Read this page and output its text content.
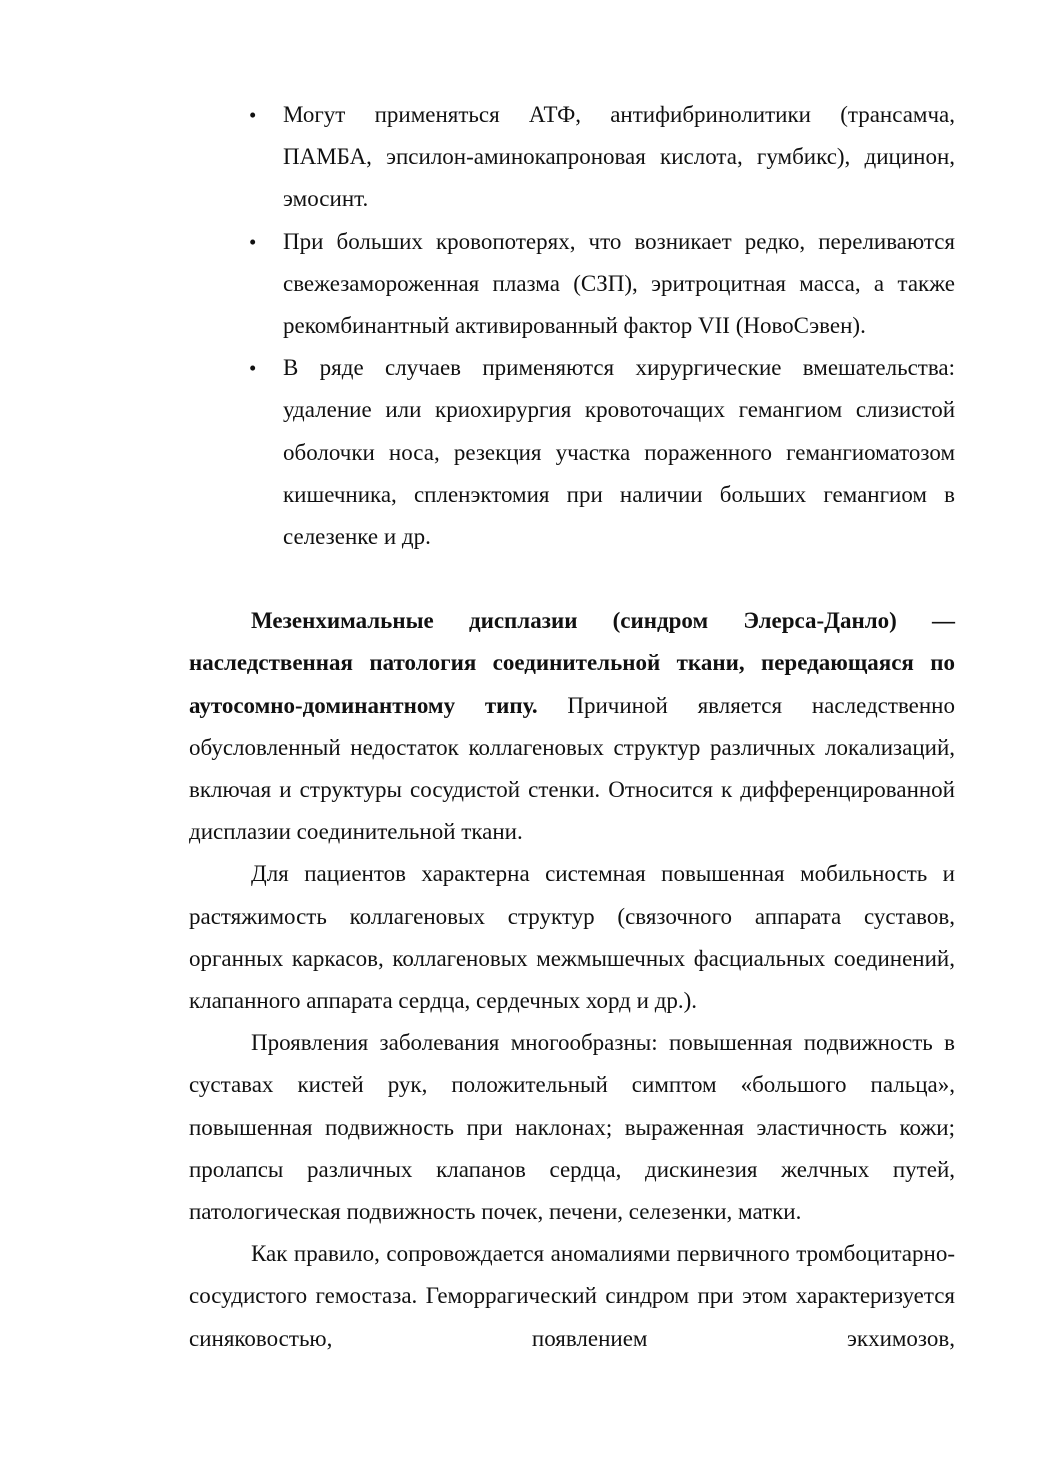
• Могут применяться АТФ, антифибринолитики (трансамча, ПАМБА, эпсилон-аминокапроновая кислота, гумбикс), дицинон, эмосинт.
• При больших кровопотерях, что возникает редко, переливаются свежезамороженная плазма (СЗП), эритроцитная масса, а также рекомбинантный активированный фактор VII (НовоСэвен).
• В ряде случаев применяются хирургические вмешательства: удаление или криохирургия кровоточащих гемангиом слизистой оболочки носа, резекция участка пораженного гемангиоматозом кишечника, спленэктомия при наличии больших гемангиом в селезенке и др.

Мезенхимальные дисплазии (синдром Элерса-Данло) — наследственная патология соединительной ткани, передающаяся по аутосомно-доминантному типу. Причиной является наследственно обусловленный недостаток коллагеновых структур различных локализаций, включая и структуры сосудистой стенки. Относится к дифференцированной дисплазии соединительной ткани.

Для пациентов характерна системная повышенная мобильность и растяжимость коллагеновых структур (связочного аппарата суставов, органных каркасов, коллагеновых межмышечных фасциальных соединений, клапанного аппарата сердца, сердечных хорд и др.).

Проявления заболевания многообразны: повышенная подвижность в суставах кистей рук, положительный симптом «большого пальца», повышенная подвижность при наклонах; выраженная эластичность кожи; пролапсы различных клапанов сердца, дискинезия желчных путей, патологическая подвижность почек, печени, селезенки, матки.

Как правило, сопровождается аномалиями первичного тромбоцитарно-сосудистого гемостаза. Геморрагический синдром при этом характеризуется синяковостью, появлением экхимозов,
